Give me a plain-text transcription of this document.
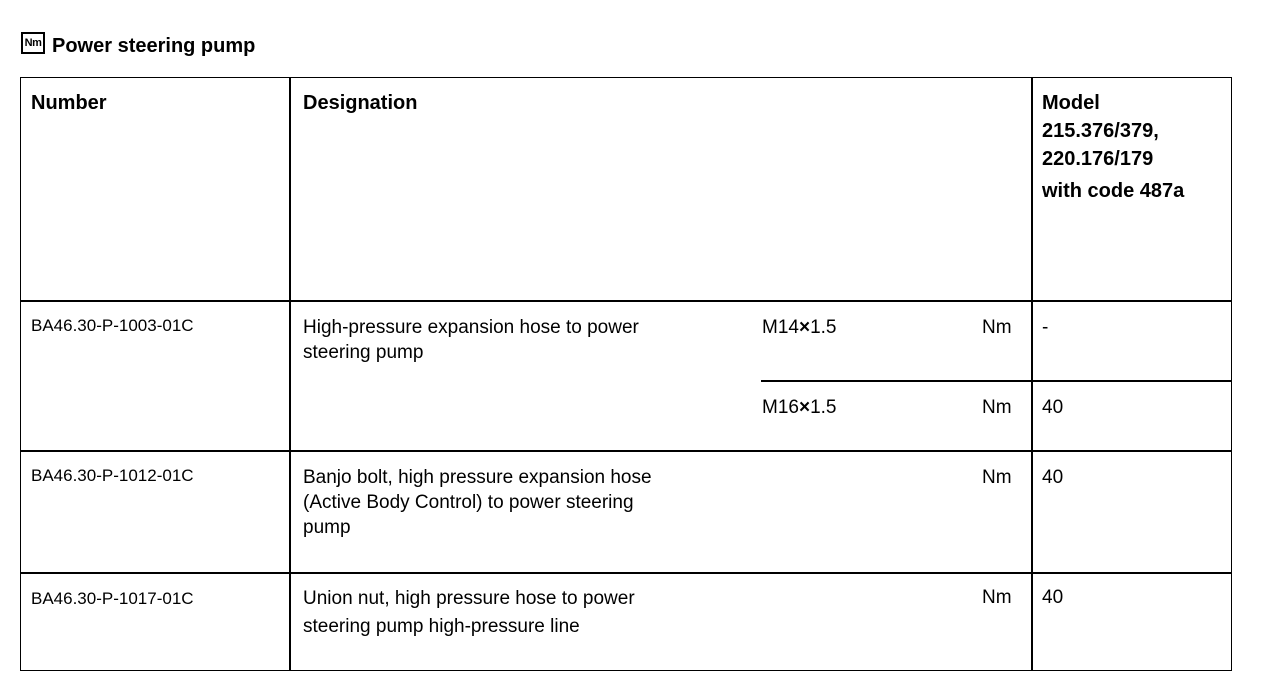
Nm Power steering pump
Number	Designation	Model
215.376/379,
220.176/179
with code 487a
BA46.30-P-1003-01C	High-pressure expansion hose to power
steering pump
M14×1.5	Nm -
M16×1.5	Nm 40
BA46.30-P-1012-01C	Banjo bolt, high pressure expansion hose
(Active Body Control) to power steering
pump
Nm 40
BA46.30-P-1017-01C	Union nut, high pressure hose to power
steering pump high-pressure line
Nm 40
